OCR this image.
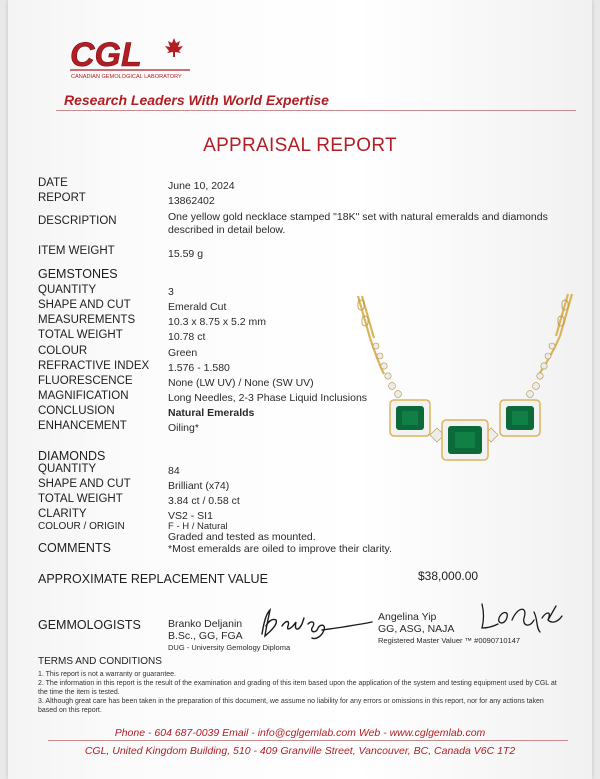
CGL
CANADIAN GEMOLOGICAL LABORATORY
Research Leaders With World Expertise
APPRAISAL REPORT
DATE	June 10, 2024
REPORT	13862402
DESCRIPTION	One yellow gold necklace stamped "18K" set with natural emeralds and diamonds described in detail below.
ITEM WEIGHT	15.59 g
GEMSTONES
QUANTITY	3
SHAPE AND CUT	Emerald Cut
MEASUREMENTS	10.3 x 8.75 x 5.2 mm
TOTAL WEIGHT	10.78 ct
COLOUR	Green
REFRACTIVE INDEX 1.576 - 1.580
FLUORESCENCE	None (LW UV) / None (SW UV)
MAGNIFICATION	Long Needles, 2-3 Phase Liquid Inclusions
CONCLUSION	Natural Emeralds
ENHANCEMENT	Oiling*
DIAMONDS
QUANTITY	84
SHAPE AND CUT	Brilliant (x74)
TOTAL WEIGHT	3.84 ct / 0.58 ct
CLARITY	VS2 - SI1
COLOUR / ORIGIN	F - H / Natural
COMMENTS
Graded and tested as mounted.
*Most emeralds are oiled to improve their clarity.
APPROXIMATE REPLACEMENT VALUE	$38,000.00
GEMMOLOGISTS	Branko Deljanin
B.Sc., GG, FGA
DUG - University Gemology Diploma
Angelina Yip
GG, ASG, NAJA
Registered Master Valuer ™ #0090710147
TERMS AND CONDITIONS
1. This report is not a warranty or guarantee.
2. The information in this report is the result of the examination and grading of this item based upon the application of the system and testing equipment used by CGL at the time the item is tested.
3. Although great care has been taken in the preparation of this document, we assume no liability for any errors or omissions in this report, nor for any actions taken based on this report.
Phone - 604 687-0039 Email - info@cglgemlab.com Web - www.cglgemlab.com
CGL, United Kingdom Building, 510 - 409 Granville Street, Vancouver, BC, Canada V6C 1T2
